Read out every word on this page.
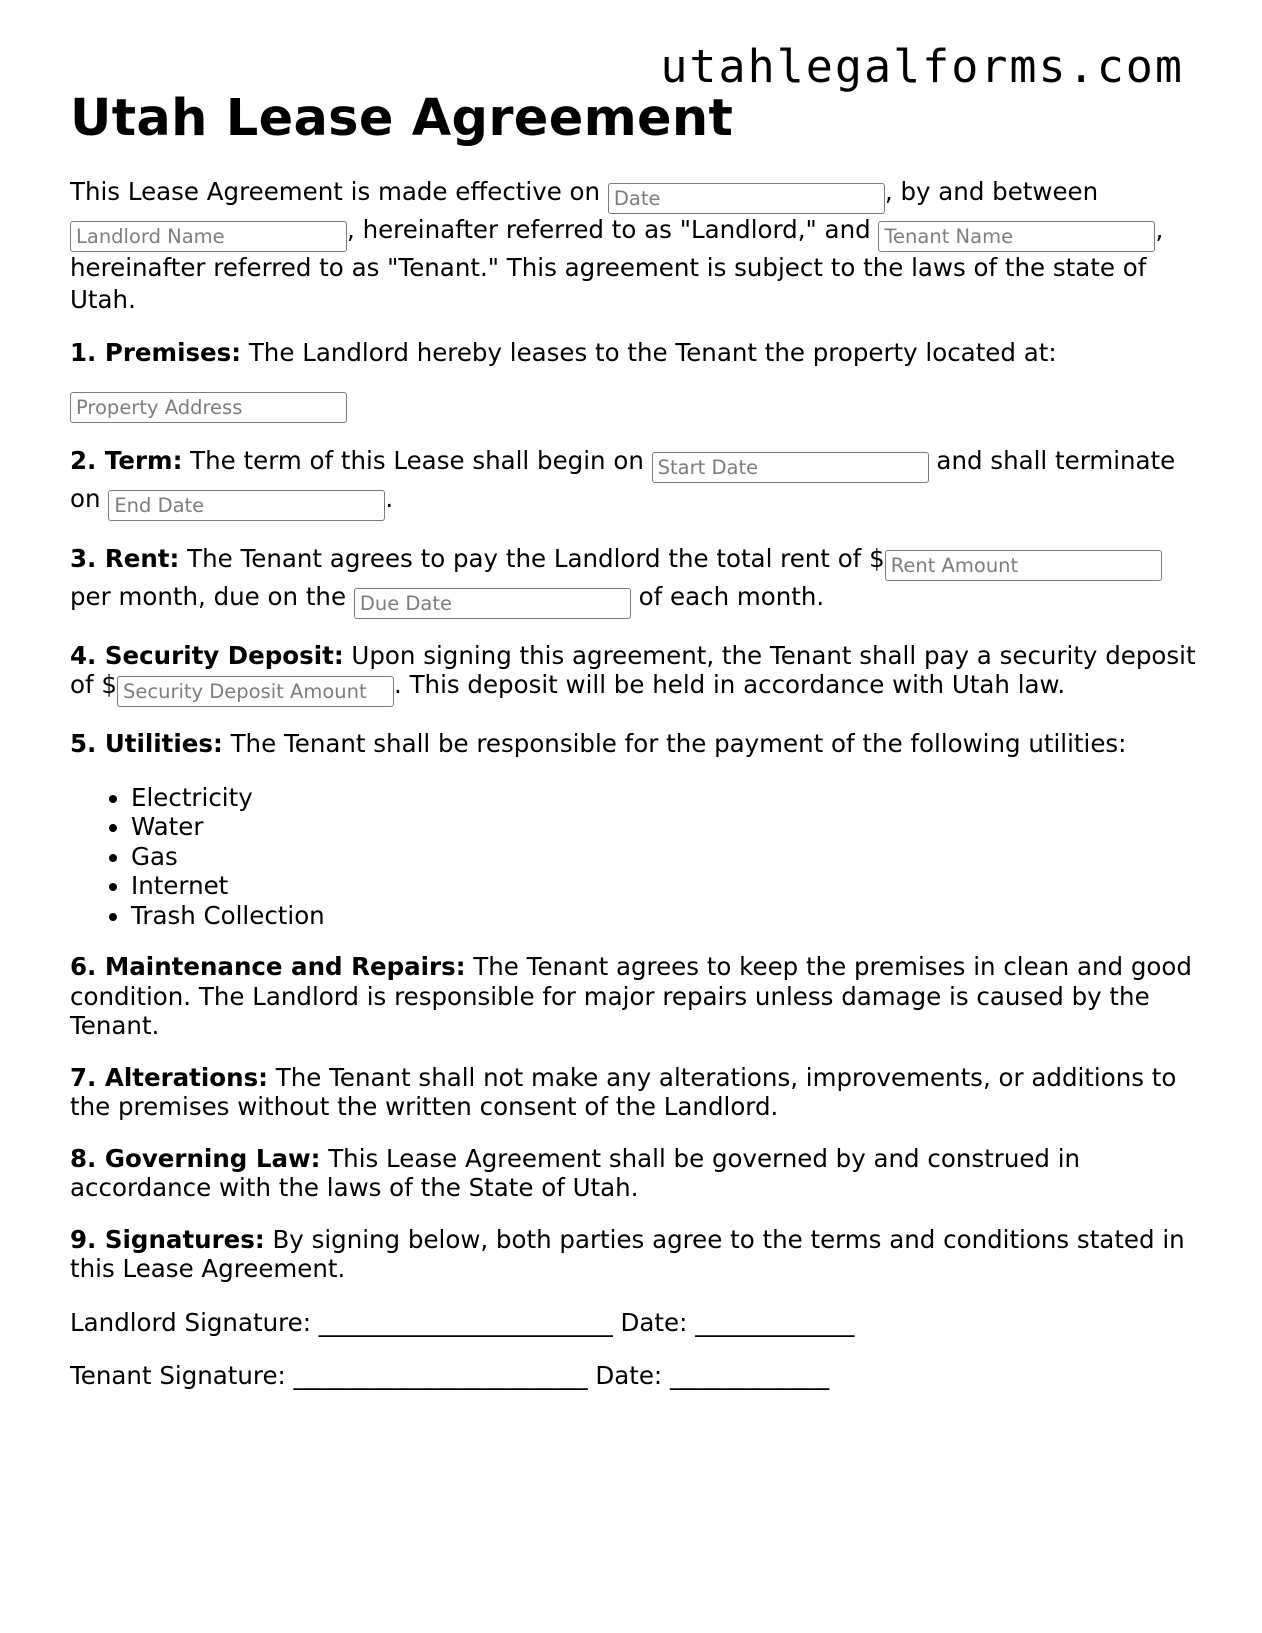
utahlegalforms.com
Utah Lease Agreement

This Lease Agreement is made effective on Date	, by and between Landlord Name, hereinafter referred to as "Landlord," and Tenant Name	, hereinafter referred to as "Tenant." This agreement is subject to the laws of the state of Utah.

1. Premises: The Landlord hereby leases to the Tenant the property located at:

Property Address

2. Term: The term of this Lease shall begin on Start Date	and shall terminate on End Date	.

3. Rent: The Tenant agrees to pay the Landlord the total rent of $Rent Amount per month, due on the Due Date	of each month.

4. Security Deposit: Upon signing this agreement, the Tenant shall pay a security deposit of $Security Deposit Amount	. This deposit will be held in accordance with Utah law.

5. Utilities: The Tenant shall be responsible for the payment of the following utilities:

• Electricity
• Water
• Gas
• Internet
• Trash Collection

6. Maintenance and Repairs: The Tenant agrees to keep the premises in clean and good condition. The Landlord is responsible for major repairs unless damage is caused by the Tenant.

7. Alterations: The Tenant shall not make any alterations, improvements, or additions to the premises without the written consent of the Landlord.

8. Governing Law: This Lease Agreement shall be governed by and construed in accordance with the laws of the State of Utah.

9. Signatures: By signing below, both parties agree to the terms and conditions stated in this Lease Agreement.

Landlord Signature: ________________________ Date: _____________
Tenant Signature: ________________________ Date: _____________
